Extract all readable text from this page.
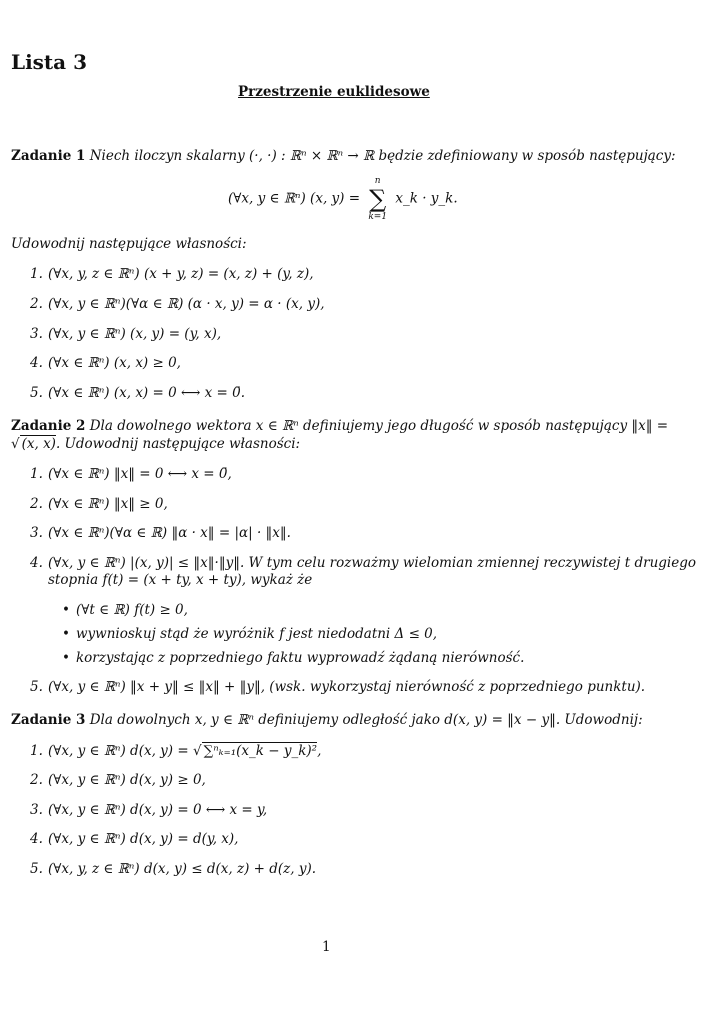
Lista 3
Przestrzenie euklidesowe
Zadanie 1 Niech iloczyn skalarny (·, ·) : ℝⁿ × ℝⁿ → ℝ będzie zdefiniowany w sposób następujący:
(∀x, y ∈ ℝⁿ) (x, y) =
n
∑
k=1
x_k · y_k.
Udowodnij następujące własności:
1. (∀x, y, z ∈ ℝⁿ) (x + y, z) = (x, z) + (y, z),
2. (∀x, y ∈ ℝⁿ)(∀α ∈ ℝ) (α · x, y) = α · (x, y),
3. (∀x, y ∈ ℝⁿ) (x, y) = (y, x),
4. (∀x ∈ ℝⁿ) (x, x) ≥ 0,
5. (∀x ∈ ℝⁿ) (x, x) = 0 ⟷ x = 0̄.
Zadanie 2 Dla dowolnego wektora x ∈ ℝⁿ definiujemy jego długość w sposób następujący ‖x‖ =
√ (x, x). Udowodnij następujące własności:
1. (∀x ∈ ℝⁿ) ‖x‖ = 0 ⟷ x = 0̄,
2. (∀x ∈ ℝⁿ) ‖x‖ ≥ 0,
3. (∀x ∈ ℝⁿ)(∀α ∈ ℝ) ‖α · x‖ = |α| · ‖x‖.
4. (∀x, y ∈ ℝⁿ) |(x, y)| ≤ ‖x‖·‖y‖. W tym celu rozważmy wielomian zmiennej reczywistej t drugiego
stopnia f(t) = (x + ty, x + ty), wykaż że
• (∀t ∈ ℝ) f(t) ≥ 0,
• wywnioskuj stąd że wyróżnik f jest niedodatni Δ ≤ 0,
• korzystając z poprzedniego faktu wyprowadź żądaną nierówność.
5. (∀x, y ∈ ℝⁿ) ‖x + y‖ ≤ ‖x‖ + ‖y‖, (wsk. wykorzystaj nierówność z poprzedniego punktu).
Zadanie 3 Dla dowolnych x, y ∈ ℝⁿ definiujemy odległość jako d(x, y) = ‖x − y‖. Udowodnij:
1. (∀x, y ∈ ℝⁿ) d(x, y) = √ ∑ⁿₖ₌₁(x_k − y_k)²,
2. (∀x, y ∈ ℝⁿ) d(x, y) ≥ 0,
3. (∀x, y ∈ ℝⁿ) d(x, y) = 0 ⟷ x = y,
4. (∀x, y ∈ ℝⁿ) d(x, y) = d(y, x),
5. (∀x, y, z ∈ ℝⁿ) d(x, y) ≤ d(x, z) + d(z, y).
1
